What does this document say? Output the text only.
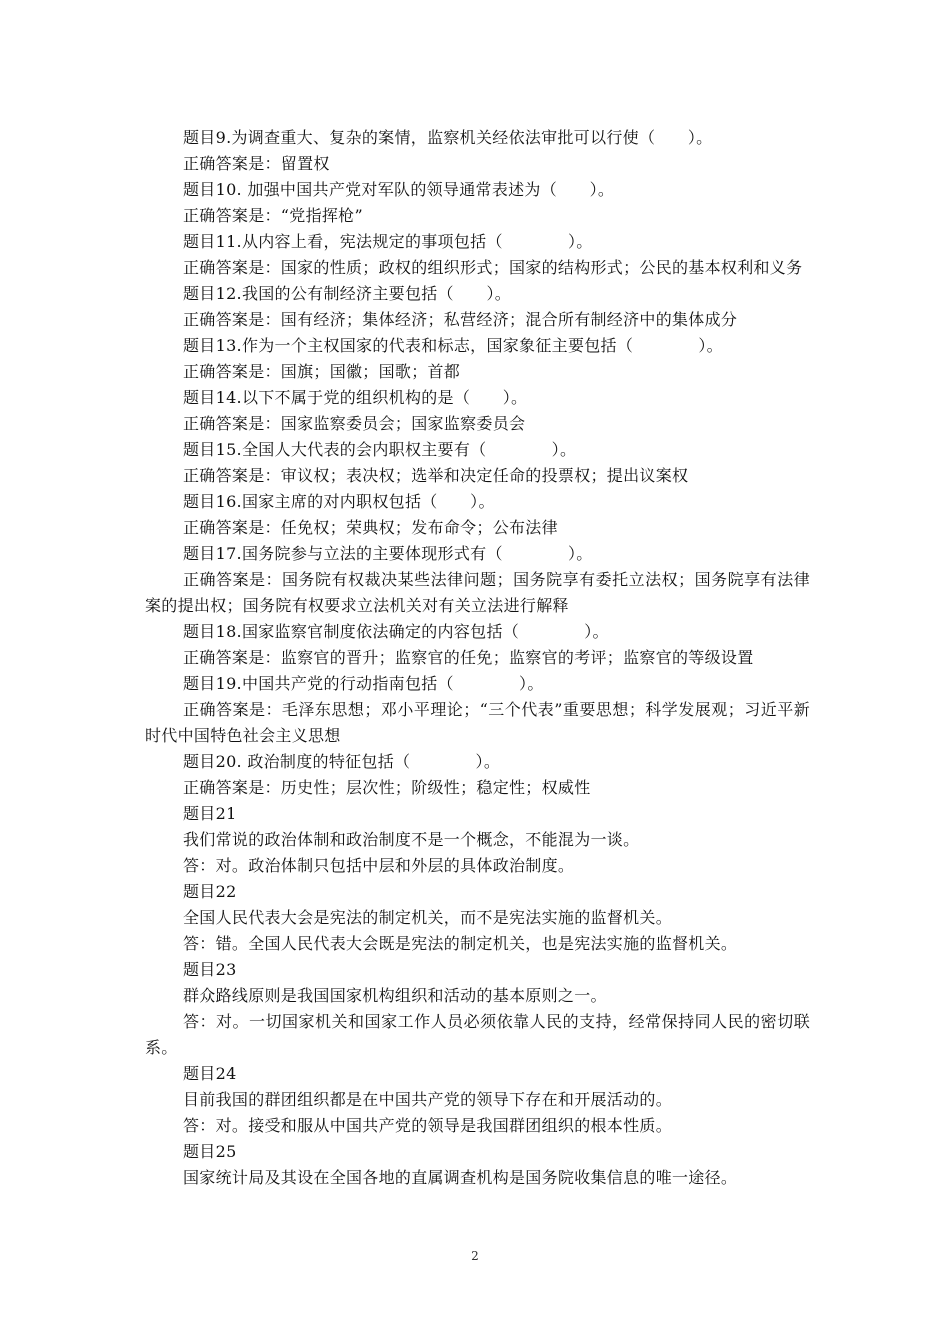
题目9.为调查重大、复杂的案情，监察机关经依法审批可以行使（　　）。

正确答案是：留置权

题目10. 加强中国共产党对军队的领导通常表述为（　　）。

正确答案是：“党指挥枪”

题目11.从内容上看，宪法规定的事项包括（　　　　）。

正确答案是：国家的性质；政权的组织形式；国家的结构形式；公民的基本权利和义务

题目12.我国的公有制经济主要包括（　　）。

正确答案是：国有经济；集体经济；私营经济；混合所有制经济中的集体成分

题目13.作为一个主权国家的代表和标志，国家象征主要包括（　　　　）。

正确答案是：国旗；国徽；国歌；首都

题目14.以下不属于党的组织机构的是（　　）。

正确答案是：国家监察委员会；国家监察委员会

题目15.全国人大代表的会内职权主要有（　　　　）。

正确答案是：审议权；表决权；选举和决定任命的投票权；提出议案权

题目16.国家主席的对内职权包括（　　）。

正确答案是：任免权；荣典权；发布命令；公布法律

题目17.国务院参与立法的主要体现形式有（　　　　）。

正确答案是：国务院有权裁决某些法律问题；国务院享有委托立法权；国务院享有法律案的提出权；国务院有权要求立法机关对有关立法进行解释

题目18.国家监察官制度依法确定的内容包括（　　　　）。

正确答案是：监察官的晋升；监察官的任免；监察官的考评；监察官的等级设置

题目19.中国共产党的行动指南包括（　　　　）。

正确答案是：毛泽东思想；邓小平理论；“三个代表”重要思想；科学发展观；习近平新时代中国特色社会主义思想

题目20. 政治制度的特征包括（　　　　）。

正确答案是：历史性；层次性；阶级性；稳定性；权威性

题目21

我们常说的政治体制和政治制度不是一个概念，不能混为一谈。

答：对。政治体制只包括中层和外层的具体政治制度。

题目22

全国人民代表大会是宪法的制定机关，而不是宪法实施的监督机关。

答：错。全国人民代表大会既是宪法的制定机关，也是宪法实施的监督机关。

题目23

群众路线原则是我国国家机构组织和活动的基本原则之一。

答：对。一切国家机关和国家工作人员必须依靠人民的支持，经常保持同人民的密切联系。

题目24

目前我国的群团组织都是在中国共产党的领导下存在和开展活动的。

答：对。接受和服从中国共产党的领导是我国群团组织的根本性质。

题目25

国家统计局及其设在全国各地的直属调查机构是国务院收集信息的唯一途径。

2
